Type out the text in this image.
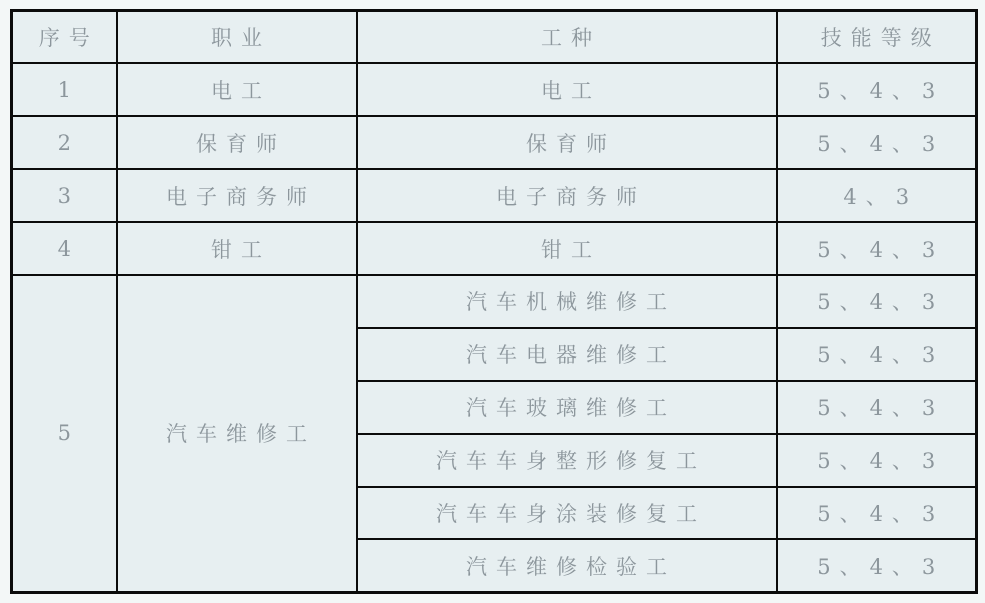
序号	职业	工种	技能等级
1	电工	电工	5、4、3
2	保育师	保育师	5、4、3
3	电子商务师	电子商务师	4、3
4	钳工	钳工	5、4、3
5	汽车维修工	汽车机械维修工	5、4、3
		汽车电器维修工	5、4、3
		汽车玻璃维修工	5、4、3
		汽车车身整形修复工	5、4、3
		汽车车身涂装修复工	5、4、3
		汽车维修检验工	5、4、3
